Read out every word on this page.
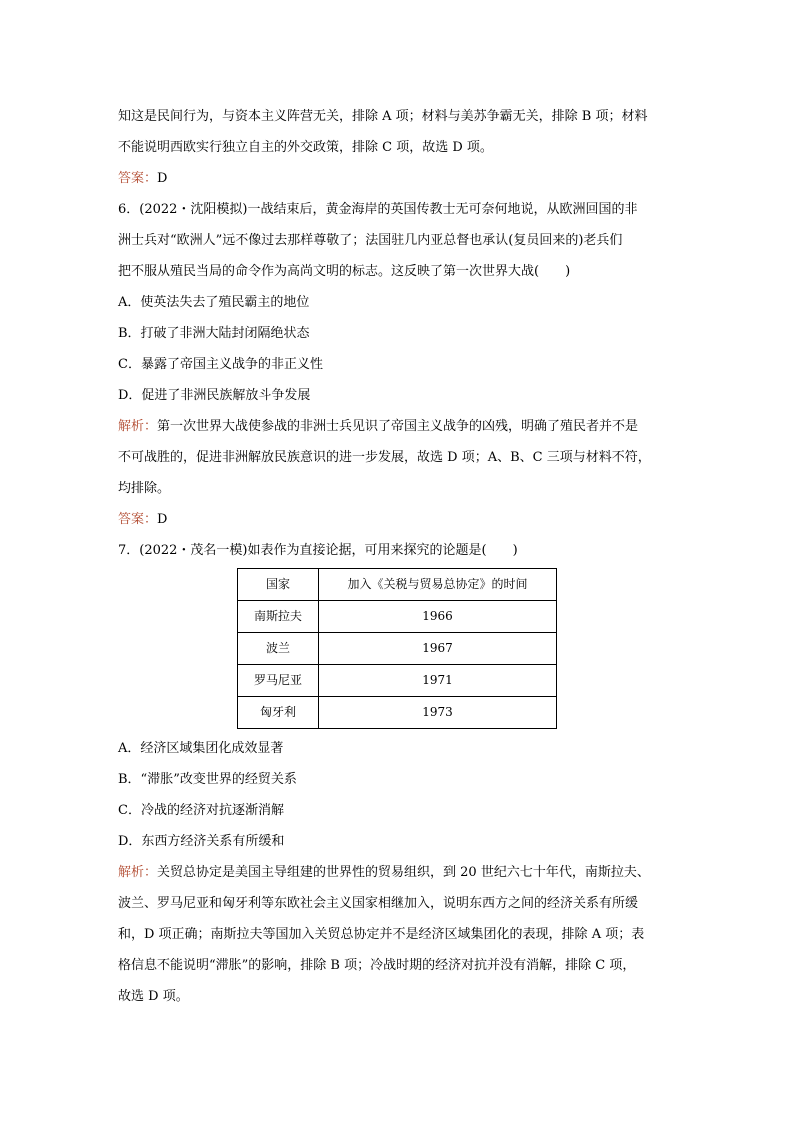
知这是民间行为，与资本主义阵营无关，排除 A 项；材料与美苏争霸无关，排除 B 项；材料
不能说明西欧实行独立自主的外交政策，排除 C 项，故选 D 项。
答案：D
6．(2022・沈阳模拟)一战结束后，黄金海岸的英国传教士无可奈何地说，从欧洲回国的非
洲士兵对“欧洲人”远不像过去那样尊敬了；法国驻几内亚总督也承认(复员回来的)老兵们
把不服从殖民当局的命令作为高尚文明的标志。这反映了第一次世界大战(　　)
A．使英法失去了殖民霸主的地位
B．打破了非洲大陆封闭隔绝状态
C．暴露了帝国主义战争的非正义性
D．促进了非洲民族解放斗争发展
解析：第一次世界大战使参战的非洲士兵见识了帝国主义战争的凶残，明确了殖民者并不是
不可战胜的，促进非洲解放民族意识的进一步发展，故选 D 项；A、B、C 三项与材料不符，
均排除。
答案：D
7．(2022・茂名一模)如表作为直接论据，可用来探究的论题是(　　)
国家	加入《关税与贸易总协定》的时间
南斯拉夫	1966
波兰	1967
罗马尼亚	1971
匈牙利	1973
A．经济区域集团化成效显著
B．“滞胀”改变世界的经贸关系
C．冷战的经济对抗逐渐消解
D．东西方经济关系有所缓和
解析：关贸总协定是美国主导组建的世界性的贸易组织，到 20 世纪六七十年代，南斯拉夫、
波兰、罗马尼亚和匈牙利等东欧社会主义国家相继加入，说明东西方之间的经济关系有所缓
和，D 项正确；南斯拉夫等国加入关贸总协定并不是经济区域集团化的表现，排除 A 项；表
格信息不能说明“滞胀”的影响，排除 B 项；冷战时期的经济对抗并没有消解，排除 C 项，
故选 D 项。
